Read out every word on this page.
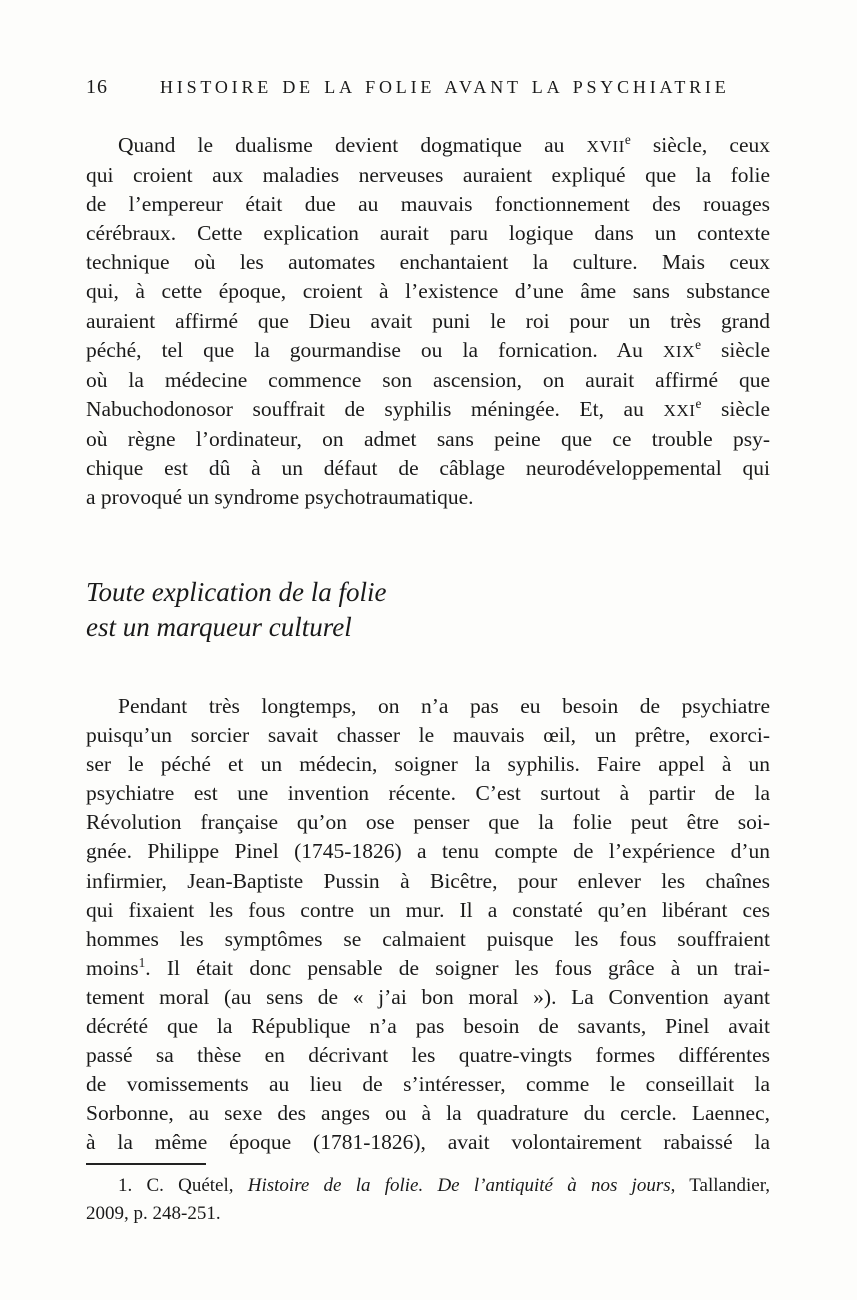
16	HISTOIRE DE LA FOLIE AVANT LA PSYCHIATRIE
Quand le dualisme devient dogmatique au XVIIe siècle, ceux
qui croient aux maladies nerveuses auraient expliqué que la folie
de l’empereur était due au mauvais fonctionnement des rouages
cérébraux. Cette explication aurait paru logique dans un contexte
technique où les automates enchantaient la culture. Mais ceux
qui, à cette époque, croient à l’existence d’une âme sans substance
auraient affirmé que Dieu avait puni le roi pour un très grand
péché, tel que la gourmandise ou la fornication. Au XIXe siècle
où la médecine commence son ascension, on aurait affirmé que
Nabuchodonosor souffrait de syphilis méningée. Et, au XXIe siècle
où règne l’ordinateur, on admet sans peine que ce trouble psy-
chique est dû à un défaut de câblage neurodéveloppemental qui
a provoqué un syndrome psychotraumatique.
Toute explication de la folie
est un marqueur culturel
Pendant très longtemps, on n’a pas eu besoin de psychiatre
puisqu’un sorcier savait chasser le mauvais œil, un prêtre, exorci-
ser le péché et un médecin, soigner la syphilis. Faire appel à un
psychiatre est une invention récente. C’est surtout à partir de la
Révolution française qu’on ose penser que la folie peut être soi-
gnée. Philippe Pinel (1745-1826) a tenu compte de l’expérience d’un
infirmier, Jean-Baptiste Pussin à Bicêtre, pour enlever les chaînes
qui fixaient les fous contre un mur. Il a constaté qu’en libérant ces
hommes les symptômes se calmaient puisque les fous souffraient
moins$^1$. Il était donc pensable de soigner les fous grâce à un trai-
tement moral (au sens de « j’ai bon moral »). La Convention ayant
décrété que la République n’a pas besoin de savants, Pinel avait
passé sa thèse en décrivant les quatre-vingts formes différentes
de vomissements au lieu de s’intéresser, comme le conseillait la
Sorbonne, au sexe des anges ou à la quadrature du cercle. Laennec,
à la même époque (1781-1826), avait volontairement rabaissé la
1. C. Quétel, Histoire de la folie. De l’antiquité à nos jours, Tallandier,
2009, p. 248-251.
